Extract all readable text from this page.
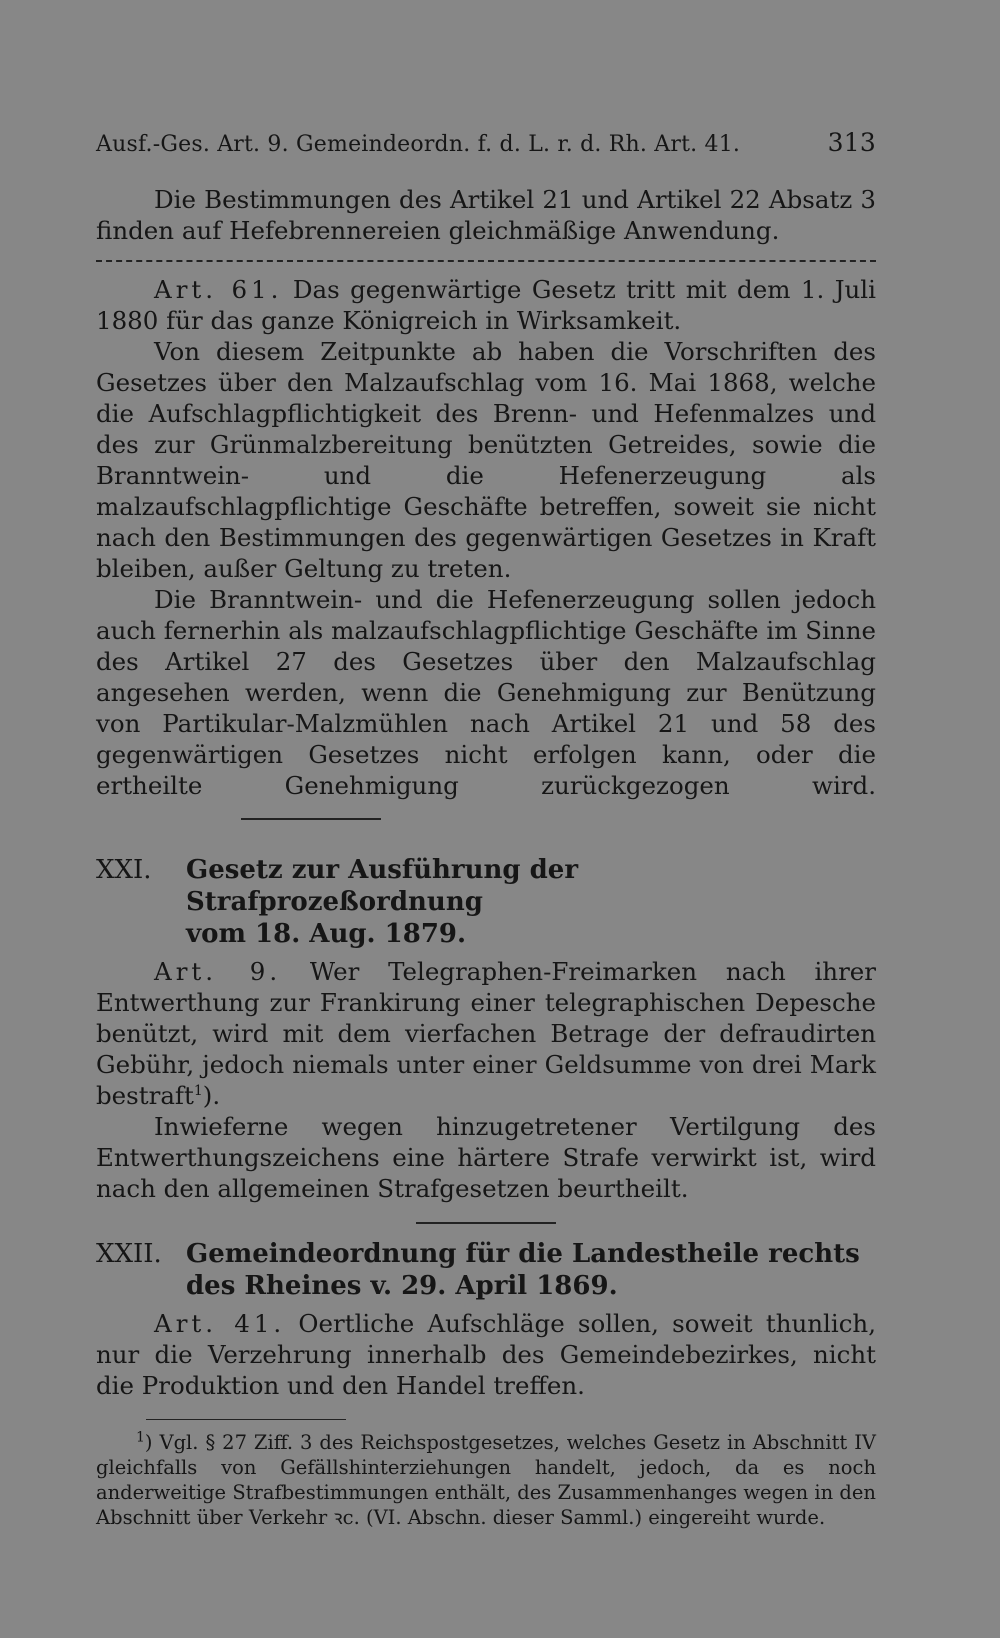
Ausf.-Ges. Art. 9. Gemeindeordn. f. d. L. r. d. Rh. Art. 41.	313

Die Bestimmungen des Artikel 21 und Artikel 22 Absatz 3 finden auf Hefebrennereien gleichmäßige Anwendung.

Art. 61. Das gegenwärtige Gesetz tritt mit dem 1. Juli 1880 für das ganze Königreich in Wirksamkeit.

Von diesem Zeitpunkte ab haben die Vorschriften des Gesetzes über den Malzaufschlag vom 16. Mai 1868, welche die Aufschlagpflichtigkeit des Brenn- und Hefenmalzes und des zur Grünmalzbereitung benützten Getreides, sowie die Branntwein- und die Hefenerzeugung als malzaufschlagpflichtige Geschäfte betreffen, soweit sie nicht nach den Bestimmungen des gegenwärtigen Gesetzes in Kraft bleiben, außer Geltung zu treten.

Die Branntwein- und die Hefenerzeugung sollen jedoch auch fernerhin als malzaufschlagpflichtige Geschäfte im Sinne des Artikel 27 des Gesetzes über den Malzaufschlag angesehen werden, wenn die Genehmigung zur Benützung von Partikular-Malzmühlen nach Artikel 21 und 58 des gegenwärtigen Gesetzes nicht erfolgen kann, oder die ertheilte Genehmigung zurückgezogen wird.

XXI.	Gesetz zur Ausführung der Strafprozeßordnung
vom 18. Aug. 1879.

Art. 9. Wer Telegraphen-Freimarken nach ihrer Entwerthung zur Frankirung einer telegraphischen Depesche benützt, wird mit dem vierfachen Betrage der defraudirten Gebühr, jedoch niemals unter einer Geldsumme von drei Mark bestraft$^1$).

Inwieferne wegen hinzugetretener Vertilgung des Entwerthungszeichens eine härtere Strafe verwirkt ist, wird nach den allgemeinen Strafgesetzen beurtheilt.

XXII. Gemeindeordnung für die Landestheile rechts
des Rheines v. 29. April 1869.

Art. 41. Oertliche Aufschläge sollen, soweit thunlich, nur die Verzehrung innerhalb des Gemeindebezirkes, nicht die Produktion und den Handel treffen.

$^1$) Vgl. § 27 Ziff. 3 des Reichspostgesetzes, welches Gesetz in Abschnitt IV gleichfalls von Gefällshinterziehungen handelt, jedoch, da es noch anderweitige Strafbestimmungen enthält, des Zusammenhanges wegen in den Abschnitt über Verkehr ꝛc. (VI. Abschn. dieser Samml.) eingereiht wurde.
